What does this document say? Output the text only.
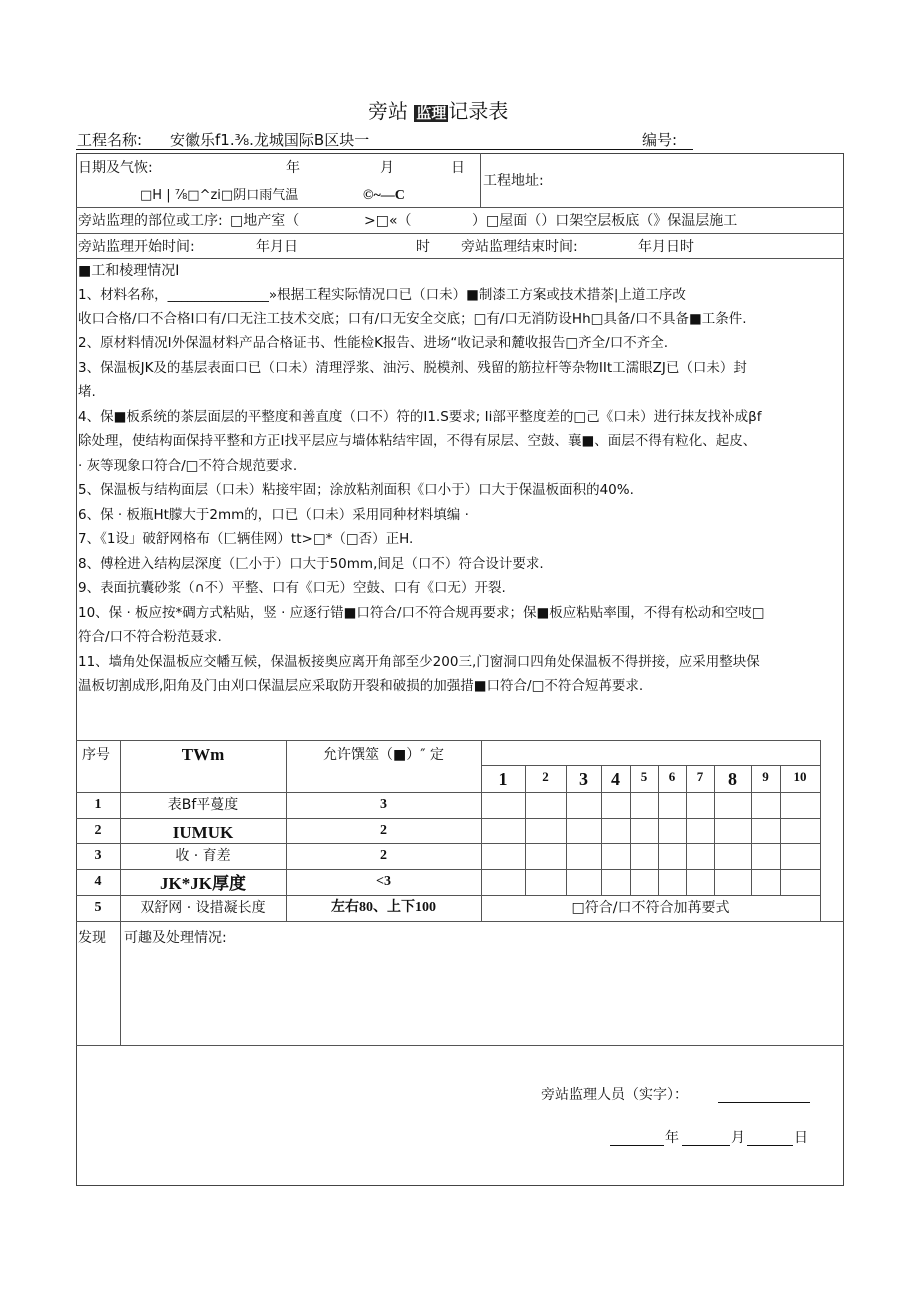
旁站 监理 记录表
工程名称: 安徽乐f1.⅜.龙城国际B区块一	编号:
日期及气恢:	年	月	日
□H | ⅞□^zi□阴口雨气温	©~—C
工程地址:
旁站监理的部位或工序: □地产室（	>□«（	）□屋面（）口架空层板底（》保温层施工
旁站监理开始时间:	年月日	时 旁站监理结束时间:	年月日时
■工和棱理情况I
1、材料名称，_______________»根据工程实际情况口已（口未）■制漆工方案或技术措茶|上道工序改
收口合格/口不合格I口有/口无注工技术交底；口有/口无安全交底；□有/口无消防设Hh□具备/口不具备■工条件.
2、原材料情况I外保温材料产品合格证书、性能检K报告、进场“收记录和麓收报告□齐全/口不齐全.
3、保温板JK及的基层表面口已（口未）清理浮浆、油污、脱模剂、残留的筋拉杆等杂物IIt工濡眼ZJ已（口未）封
堵.
4、保■板系统的茶层面层的平整度和善直度（口不）符的I1.S要求; Ii部平整度差的□己《口未）进行抹友找补成βf
除处理，使结构面保持平整和方正I找平层应与墙体粘结牢固，不得有尿层、空鼓、襄■、面层不得有粒化、起皮、
· 灰等现象口符合/□不符合规范要求.
5、保温板与结构面层（口未）粘接牢固；涂放粘剂面积《口小于）口大于保温板面积的40%.
6、保 · 板瓶Ht朦大于2mm的，口已（口未）采用同种材料填编 ·
7、《1设」破舒网格布（匚辆佳网）tt>□*（□否）正H.
8、傅栓进入结构层深度（匚小于）口大于50mm,间足（口不）符合设计要求.
9、表面抗囊砂浆（∩不）平整、口有《口无）空鼓、口有《口无）开裂.
10、保 · 板应按*碉方式粘贴，竖 · 应逐行错■口符合/口不符合规再要求；保■板应粘贴率围，不得有松动和空吱□
符合/口不符合粉范聂求.
11、墙角处保温板应交幡互候，保温板接奥应离开角部至少200三,门窗洞口四角处保温板不得拼接，应采用整块保
温板切割成形,阳角及门由刈口保温层应采取防开裂和破损的加强措■口符合/□不符合短苒要求.
序号	TWm	允许馔筮（■）″ 定
1	2	3	4	5	6	7	8	9	10
1	表Bf平蔓度	3
2	IUMUK	2
3	收 · 育差	2
4	JK*JK厚度	<3
5	双舒网 · 设措凝长度	左右80、上下100	□符合/口不符合加苒要式
发现 可趣及处理情况:
旁站监理人员（实字）：
年	月	日
